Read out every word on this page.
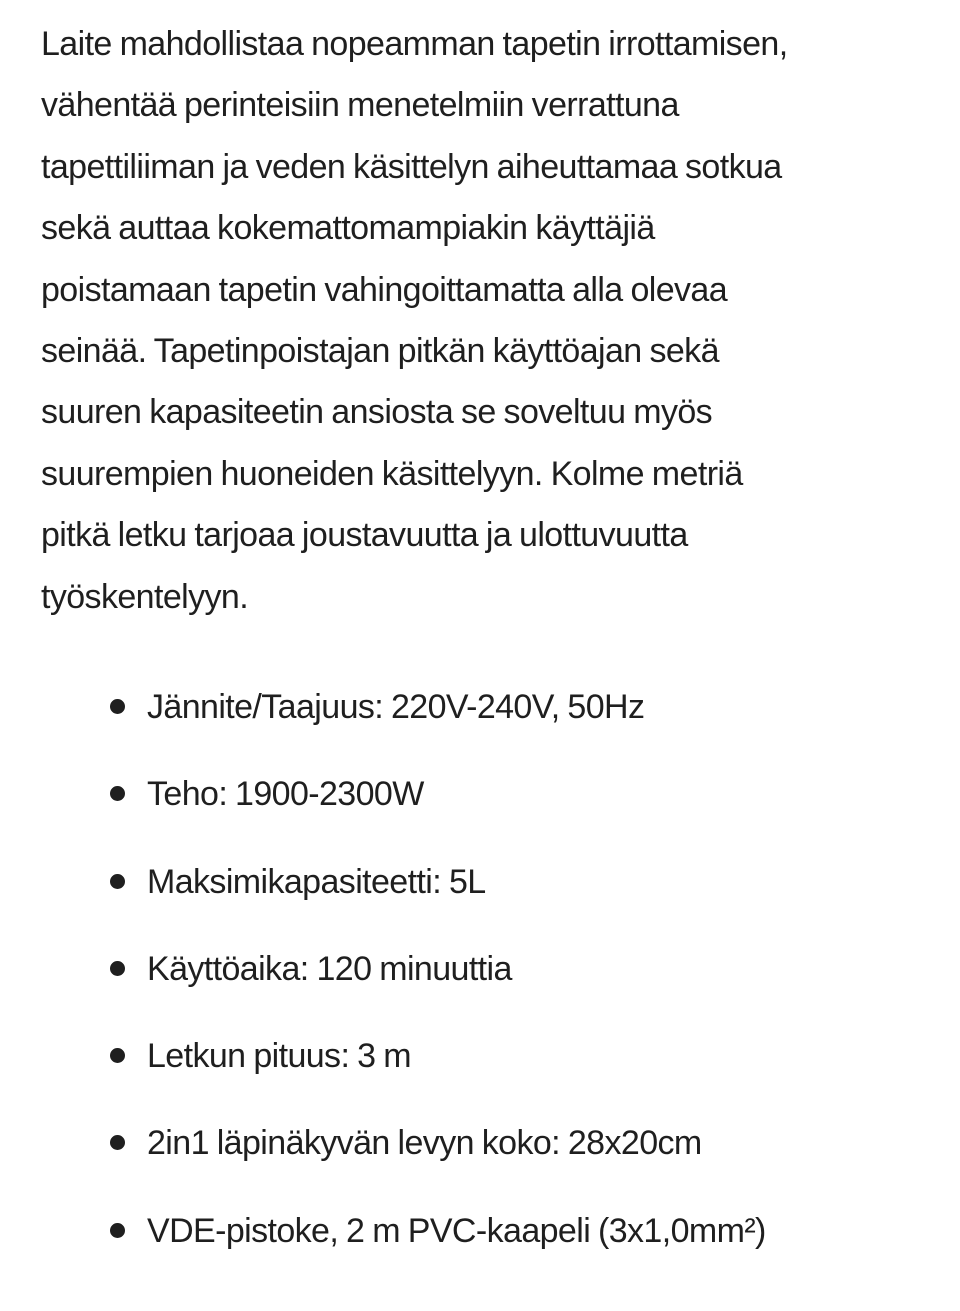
Laite mahdollistaa nopeamman tapetin irrottamisen,
vähentää perinteisiin menetelmiin verrattuna
tapettiliiman ja veden käsittelyn aiheuttamaa sotkua
sekä auttaa kokemattomampiakin käyttäjiä
poistamaan tapetin vahingoittamatta alla olevaa
seinää. Tapetinpoistajan pitkän käyttöajan sekä
suuren kapasiteetin ansiosta se soveltuu myös
suurempien huoneiden käsittelyyn. Kolme metriä
pitkä letku tarjoaa joustavuutta ja ulottuvuutta
työskentelyyn.

Jännite/Taajuus: 220V-240V, 50Hz
Teho: 1900-2300W
Maksimikapasiteetti: 5L
Käyttöaika: 120 minuuttia
Letkun pituus: 3 m
2in1 läpinäkyvän levyn koko: 28x20cm
VDE-pistoke, 2 m PVC-kaapeli (3x1,0mm²)
